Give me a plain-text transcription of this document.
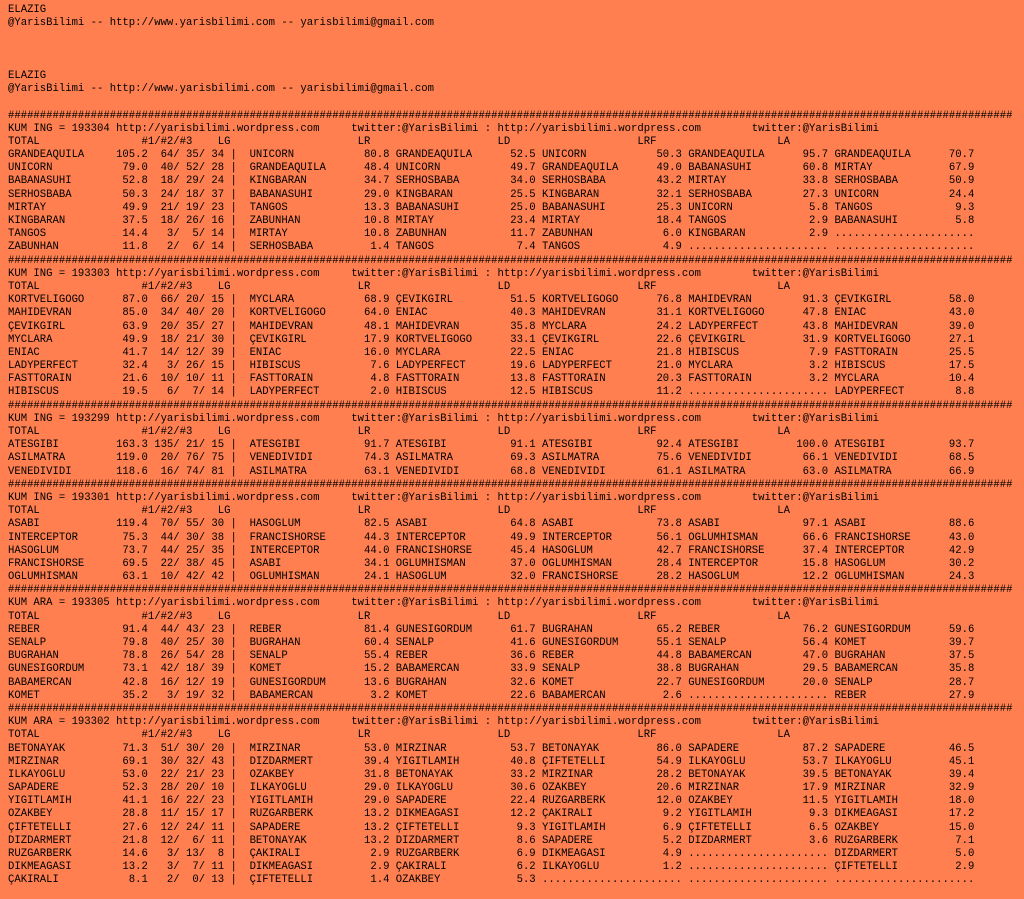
ELAZIG
@YarisBilimi -- http://www.yarisbilimi.com -- yarisbilimi@gmail.com
ELAZIG
@YarisBilimi -- http://www.yarisbilimi.com -- yarisbilimi@gmail.com
##############################################################################################################################################################
KUM ING = 193304 http://yarisbilimi.wordpress.com     twitter:@YarisBilimi : http://yarisbilimi.wordpress.com        twitter:@YarisBilimi
TOTAL                #1/#2/#3    LG                    LR                    LD                    LRF                   LA
GRANDEAQUILA     105.2  64/ 35/ 34 |  UNICORN           80.8 GRANDEAQUILA      52.5 UNICORN           50.3 GRANDEAQUILA      95.7 GRANDEAQUILA      70.7
UNICORN           79.0  40/ 52/ 28 |  GRANDEAQUILA      48.4 UNICORN           49.7 GRANDEAQUILA      49.0 BABANASUHI        60.8 MIRTAY            67.9
BABANASUHI        52.8  18/ 29/ 24 |  KINGBARAN         34.7 SERHOSBABA        34.0 SERHOSBABA        43.2 MIRTAY            33.8 SERHOSBABA        50.9
SERHOSBABA        50.3  24/ 18/ 37 |  BABANASUHI        29.0 KINGBARAN         25.5 KINGBARAN         32.1 SERHOSBABA        27.3 UNICORN           24.4
MIRTAY            49.9  21/ 19/ 23 |  TANGOS            13.3 BABANASUHI        25.0 BABANASUHI        25.3 UNICORN            5.8 TANGOS             9.3
KINGBARAN         37.5  18/ 26/ 16 |  ZABUNHAN          10.8 MIRTAY            23.4 MIRTAY            18.4 TANGOS             2.9 BABANASUHI         5.8
TANGOS            14.4   3/  5/ 14 |  MIRTAY            10.8 ZABUNHAN          11.7 ZABUNHAN           6.0 KINGBARAN          2.9 ......................
ZABUNHAN          11.8   2/  6/ 14 |  SERHOSBABA         1.4 TANGOS             7.4 TANGOS             4.9 ...................... ......................
##############################################################################################################################################################
KUM ING = 193303 http://yarisbilimi.wordpress.com     twitter:@YarisBilimi : http://yarisbilimi.wordpress.com        twitter:@YarisBilimi
TOTAL                #1/#2/#3    LG                    LR                    LD                    LRF                   LA
KORTVELIGOGO      87.0  66/ 20/ 15 |  MYCLARA           68.9 ÇEVIKGIRL         51.5 KORTVELIGOGO      76.8 MAHIDEVRAN        91.3 ÇEVIKGIRL         58.0
MAHIDEVRAN        85.0  34/ 40/ 20 |  KORTVELIGOGO      64.0 ENIAC             40.3 MAHIDEVRAN        31.1 KORTVELIGOGO      47.8 ENIAC             43.0
ÇEVIKGIRL         63.9  20/ 35/ 27 |  MAHIDEVRAN        48.1 MAHIDEVRAN        35.8 MYCLARA           24.2 LADYPERFECT       43.8 MAHIDEVRAN        39.0
MYCLARA           49.9  18/ 21/ 30 |  ÇEVIKGIRL         17.9 KORTVELIGOGO      33.1 ÇEVIKGIRL         22.6 ÇEVIKGIRL         31.9 KORTVELIGOGO      27.1
ENIAC             41.7  14/ 12/ 39 |  ENIAC             16.0 MYCLARA           22.5 ENIAC             21.8 HIBISCUS           7.9 FASTTORAIN        25.5
LADYPERFECT       32.4   3/ 26/ 15 |  HIBISCUS           7.6 LADYPERFECT       19.6 LADYPERFECT       21.0 MYCLARA            3.2 HIBISCUS          17.5
FASTTORAIN        21.6  10/ 10/ 11 |  FASTTORAIN         4.8 FASTTORAIN        13.8 FASTTORAIN        20.3 FASTTORAIN         3.2 MYCLARA           10.4
HIBISCUS          19.5   6/  7/ 14 |  LADYPERFECT        2.0 HIBISCUS          12.5 HIBISCUS          11.2 ...................... LADYPERFECT        8.8
##############################################################################################################################################################
KUM ING = 193299 http://yarisbilimi.wordpress.com     twitter:@YarisBilimi : http://yarisbilimi.wordpress.com        twitter:@YarisBilimi
TOTAL                #1/#2/#3    LG                    LR                    LD                    LRF                   LA
ATESGIBI         163.3 135/ 21/ 15 |  ATESGIBI          91.7 ATESGIBI          91.1 ATESGIBI          92.4 ATESGIBI         100.0 ATESGIBI          93.7
ASILMATRA        119.0  20/ 76/ 75 |  VENEDIVIDI        74.3 ASILMATRA         69.3 ASILMATRA         75.6 VENEDIVIDI        66.1 VENEDIVIDI        68.5
VENEDIVIDI       118.6  16/ 74/ 81 |  ASILMATRA         63.1 VENEDIVIDI        68.8 VENEDIVIDI        61.1 ASILMATRA         63.0 ASILMATRA         66.9
##############################################################################################################################################################
KUM ING = 193301 http://yarisbilimi.wordpress.com     twitter:@YarisBilimi : http://yarisbilimi.wordpress.com        twitter:@YarisBilimi
TOTAL                #1/#2/#3    LG                    LR                    LD                    LRF                   LA
ASABI            119.4  70/ 55/ 30 |  HASOGLUM          82.5 ASABI             64.8 ASABI             73.8 ASABI             97.1 ASABI             88.6
INTERCEPTOR       75.3  44/ 30/ 38 |  FRANCISHORSE      44.3 INTERCEPTOR       49.9 INTERCEPTOR       56.1 OGLUMHISMAN       66.6 FRANCISHORSE      43.0
HASOGLUM          73.7  44/ 25/ 35 |  INTERCEPTOR       44.0 FRANCISHORSE      45.4 HASOGLUM          42.7 FRANCISHORSE      37.4 INTERCEPTOR       42.9
FRANCISHORSE      69.5  22/ 38/ 45 |  ASABI             34.1 OGLUMHISMAN       37.0 OGLUMHISMAN       28.4 INTERCEPTOR       15.8 HASOGLUM          30.2
OGLUMHISMAN       63.1  10/ 42/ 42 |  OGLUMHISMAN       24.1 HASOGLUM          32.0 FRANCISHORSE      28.2 HASOGLUM          12.2 OGLUMHISMAN       24.3
##############################################################################################################################################################
KUM ARA = 193305 http://yarisbilimi.wordpress.com     twitter:@YarisBilimi : http://yarisbilimi.wordpress.com        twitter:@YarisBilimi
TOTAL                #1/#2/#3    LG                    LR                    LD                    LRF                   LA
REBER             91.4  44/ 43/ 23 |  REBER             81.4 GÜNESIGÖRDÜM      61.7 BUGRAHAN          65.2 REBER             76.2 GÜNESIGÖRDÜM      59.6
SENALP            79.8  40/ 25/ 30 |  BUGRAHAN          60.4 SENALP            41.6 GÜNESIGÖRDÜM      55.1 SENALP            56.4 KOMET             39.7
BUGRAHAN          78.8  26/ 54/ 28 |  SENALP            55.4 REBER             36.6 REBER             44.8 BABAMERCAN        47.0 BUGRAHAN          37.5
GÜNESIGÖRDÜM      73.1  42/ 18/ 39 |  KOMET             15.2 BABAMERCAN        33.9 SENALP            38.8 BUGRAHAN          29.5 BABAMERCAN        35.8
BABAMERCAN        42.8  16/ 12/ 19 |  GÜNESIGÖRDÜM      13.6 BUGRAHAN          32.6 KOMET             22.7 GÜNESIGÖRDÜM      20.0 SENALP            28.7
KOMET             35.2   3/ 19/ 32 |  BABAMERCAN         3.2 KOMET             22.6 BABAMERCAN         2.6 ...................... REBER             27.9
##############################################################################################################################################################
KUM ARA = 193302 http://yarisbilimi.wordpress.com     twitter:@YarisBilimi : http://yarisbilimi.wordpress.com        twitter:@YarisBilimi
TOTAL                #1/#2/#3    LG                    LR                    LD                    LRF                   LA
BETONAYAK         71.3  51/ 30/ 20 |  MIRZINAR          53.0 MIRZINAR          53.7 BETONAYAK         86.0 SAPADERE          87.2 SAPADERE          46.5
MIRZINAR          69.1  30/ 32/ 43 |  DIZDARMERT        39.4 YIGITLAMIH        40.8 ÇIFTETELLI        54.9 ILKAYOGLU         53.7 ILKAYOGLU         45.1
ILKAYOGLU         53.0  22/ 21/ 23 |  ÖZAKBEY           31.8 BETONAYAK         33.2 MIRZINAR          28.2 BETONAYAK         39.5 BETONAYAK         39.4
SAPADERE          52.3  28/ 20/ 10 |  ILKAYOGLU         29.0 ILKAYOGLU         30.6 ÖZAKBEY           20.6 MIRZINAR          17.9 MIRZINAR          32.9
YIGITLAMIH        41.1  16/ 22/ 23 |  YIGITLAMIH        29.0 SAPADERE          22.4 RÜZGARBERK        12.0 ÖZAKBEY           11.5 YIGITLAMIH        18.0
ÖZAKBEY           28.8  11/ 15/ 17 |  RÜZGARBERK        13.2 DIKMEAGASI        12.2 ÇAKIRALI           9.2 YIGITLAMIH         9.3 DIKMEAGASI        17.2
ÇIFTETELLI        27.6  12/ 24/ 11 |  SAPADERE          13.2 ÇIFTETELLI         9.3 YIGITLAMIH         6.9 ÇIFTETELLI         6.5 ÖZAKBEY           15.0
DIZDARMERT        21.8  12/  6/ 11 |  BETONAYAK         13.2 DIZDARMERT         8.6 SAPADERE           5.2 DIZDARMERT         3.6 RÜZGARBERK         7.1
RÜZGARBERK        14.6   3/ 13/  8 |  ÇAKIRALI           2.9 RÜZGARBERK         6.9 DIKMEAGASI         4.9 ...................... DIZDARMERT         5.0
DIKMEAGASI        13.2   3/  7/ 11 |  DIKMEAGASI         2.9 ÇAKIRALI           6.2 ILKAYOGLU          1.2 ...................... ÇIFTETELLI         2.9
ÇAKIRALI           8.1   2/  0/ 13 |  ÇIFTETELLI         1.4 ÖZAKBEY            5.3 ...................... ...................... ......................
